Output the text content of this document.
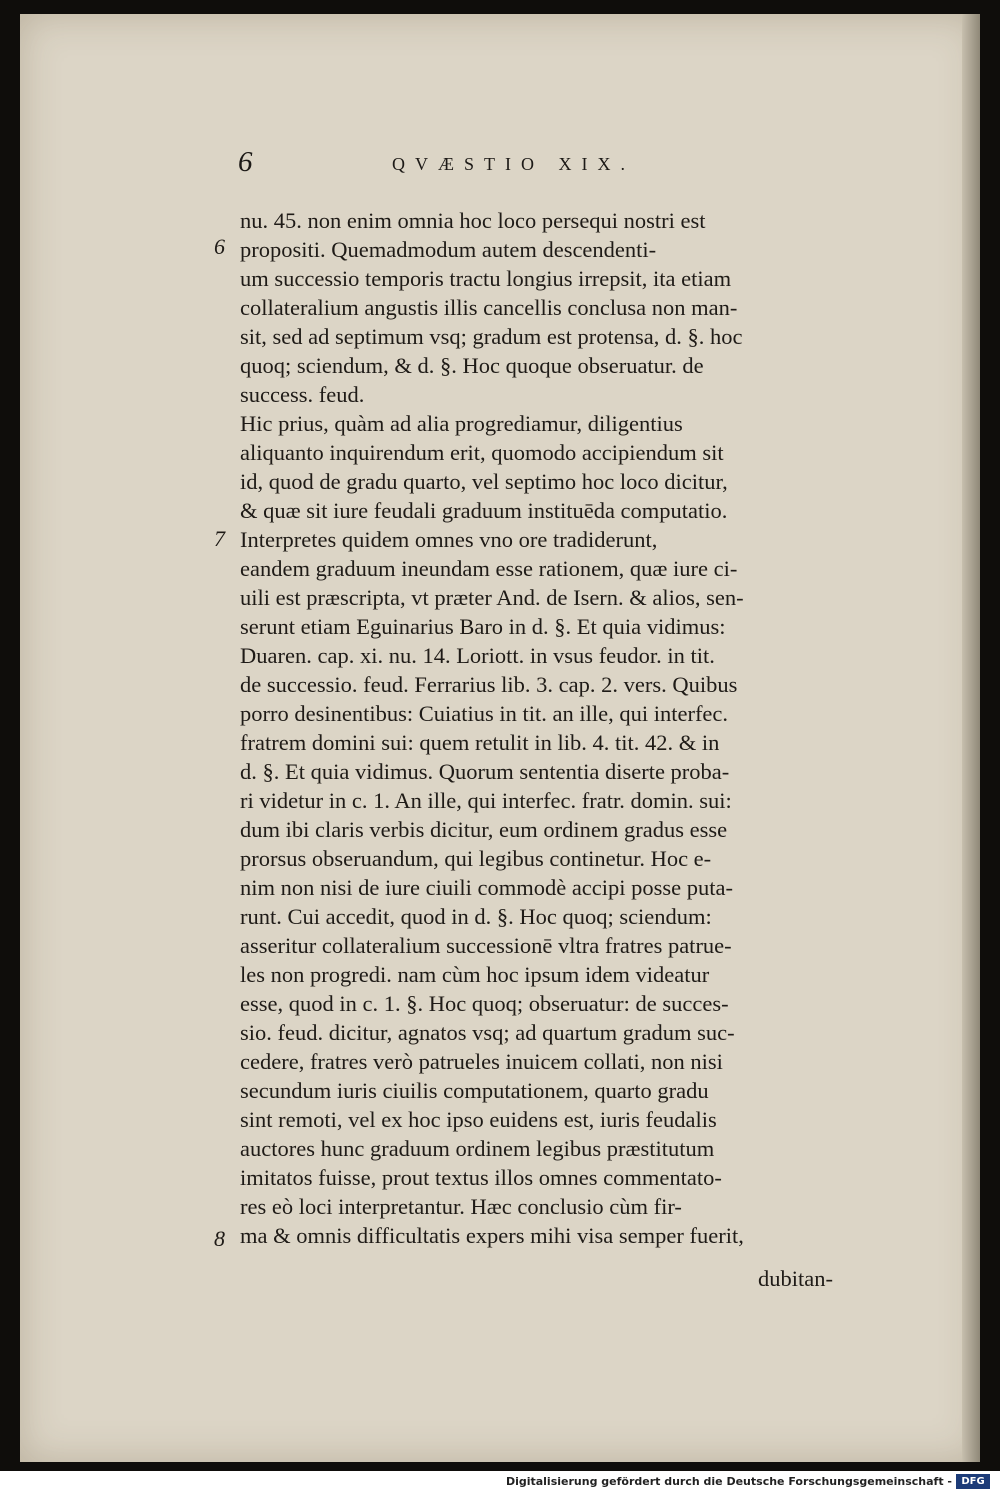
6	QVÆSTIO XIX.
6
7
8
nu. 45. non enim omnia hoc loco persequi nostri est
propositi. Quemadmodum autem descendenti-
um successio temporis tractu longius irrepsit, ita etiam
collateralium angustis illis cancellis conclusa non man-
sit, sed ad septimum vsq; gradum est protensa, d. §. hoc
quoq; sciendum, & d. §. Hoc quoque obseruatur. de
success. feud.
Hic prius, quàm ad alia progrediamur, diligentius
aliquanto inquirendum erit, quomodo accipiendum sit
id, quod de gradu quarto, vel septimo hoc loco dicitur,
& quæ sit iure feudali graduum instituēda computatio.
Interpretes quidem omnes vno ore tradiderunt,
eandem graduum ineundam esse rationem, quæ iure ci-
uili est præscripta, vt præter And. de Isern. & alios, sen-
serunt etiam Eguinarius Baro in d. §. Et quia vidimus:
Duaren. cap. xi. nu. 14. Loriott. in vsus feudor. in tit.
de successio. feud. Ferrarius lib. 3. cap. 2. vers. Quibus
porro desinentibus: Cuiatius in tit. an ille, qui interfec.
fratrem domini sui: quem retulit in lib. 4. tit. 42. & in
d. §. Et quia vidimus. Quorum sententia diserte proba-
ri videtur in c. 1. An ille, qui interfec. fratr. domin. sui:
dum ibi claris verbis dicitur, eum ordinem gradus esse
prorsus obseruandum, qui legibus continetur. Hoc e-
nim non nisi de iure ciuili commodè accipi posse puta-
runt. Cui accedit, quod in d. §. Hoc quoq; sciendum:
asseritur collateralium successionē vltra fratres patrue-
les non progredi. nam cùm hoc ipsum idem videatur
esse, quod in c. 1. §. Hoc quoq; obseruatur: de succes-
sio. feud. dicitur, agnatos vsq; ad quartum gradum suc-
cedere, fratres verò patrueles inuicem collati, non nisi
secundum iuris ciuilis computationem, quarto gradu
sint remoti, vel ex hoc ipso euidens est, iuris feudalis
auctores hunc graduum ordinem legibus præstitutum
imitatos fuisse, prout textus illos omnes commentato-
res eò loci interpretantur. Hæc conclusio cùm fir-
ma & omnis difficultatis expers mihi visa semper fuerit,
dubitan-
Digitalisierung gefördert durch die Deutsche Forschungsgemeinschaft - DFG
